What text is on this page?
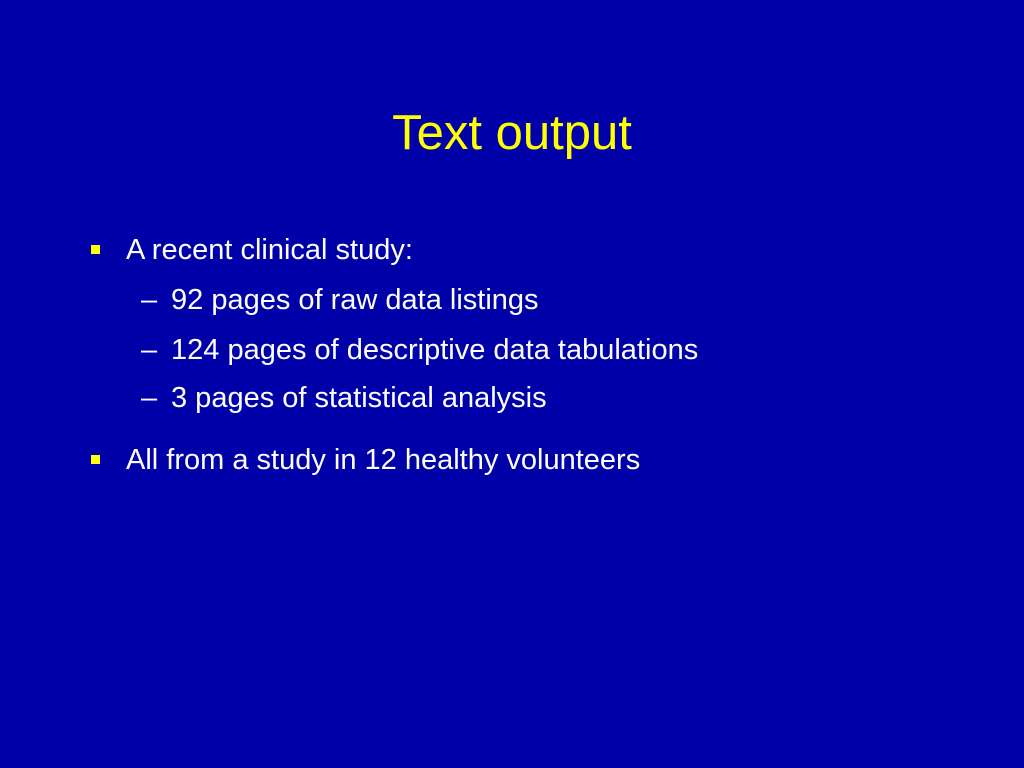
Text output
A recent clinical study:
– 92 pages of raw data listings
– 124 pages of descriptive data tabulations
– 3 pages of statistical analysis
All from a study in 12 healthy volunteers
